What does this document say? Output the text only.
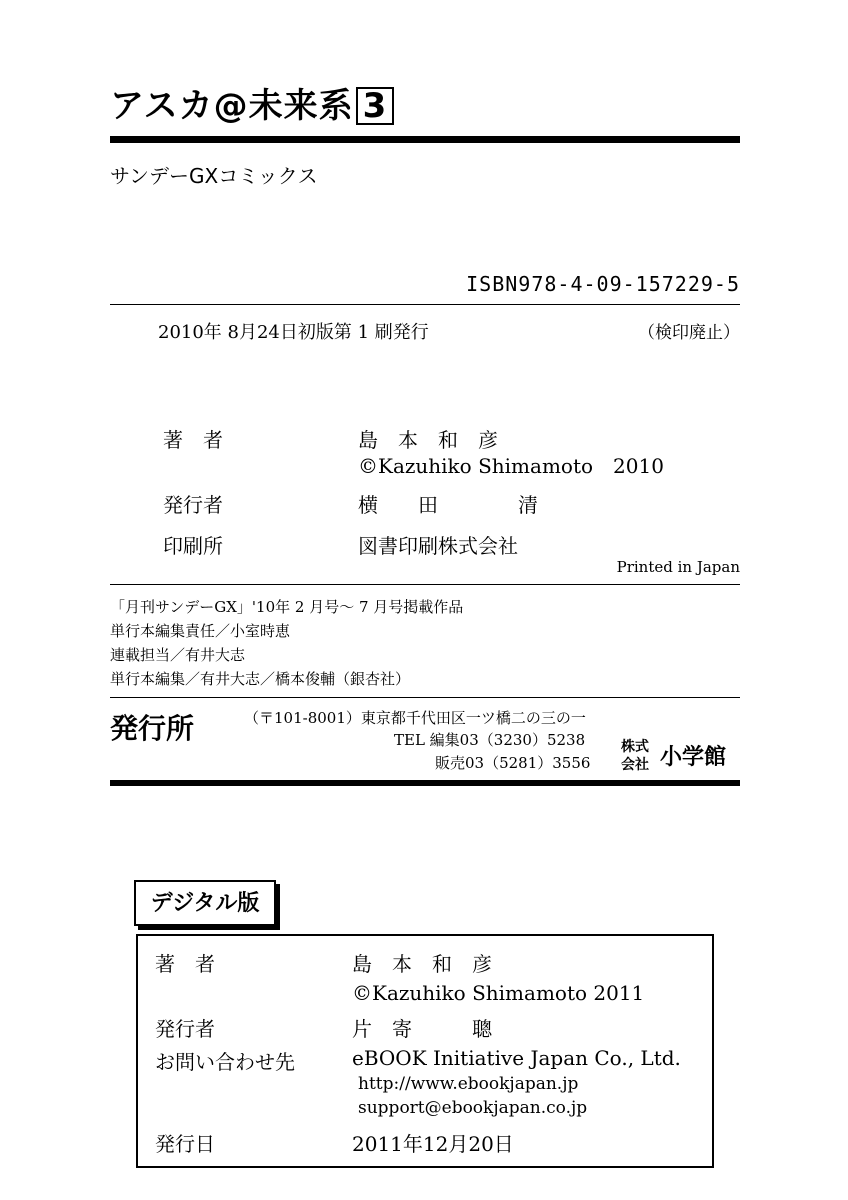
アスカ@未来系 3
サンデーGXコミックス
ISBN978-4-09-157229-5
2010年 8月24日初版第 1 刷発行	（検印廃止）
著　者	島　本　和　彦
©Kazuhiko Shimamoto　2010
発行者	横　　田　　　　清
印刷所	図書印刷株式会社
Printed in Japan
「月刊サンデーGX」'10年 2 月号〜 7 月号掲載作品
単行本編集責任／小室時恵
連載担当／有井大志
単行本編集／有井大志／橋本俊輔（銀杏社）
発行所	（〒101-8001）東京都千代田区一ツ橋二の三の一
TEL 編集03（3230）5238
販売03（5281）3556
株式
会社 小学館
デジタル版
著　者	島　本　和　彦
©Kazuhiko Shimamoto 2011
発行者	片　寄　　　聰
お問い合わせ先	eBOOK Initiative Japan Co., Ltd.
http://www.ebookjapan.jp
support@ebookjapan.co.jp
発行日	2011年12月20日
